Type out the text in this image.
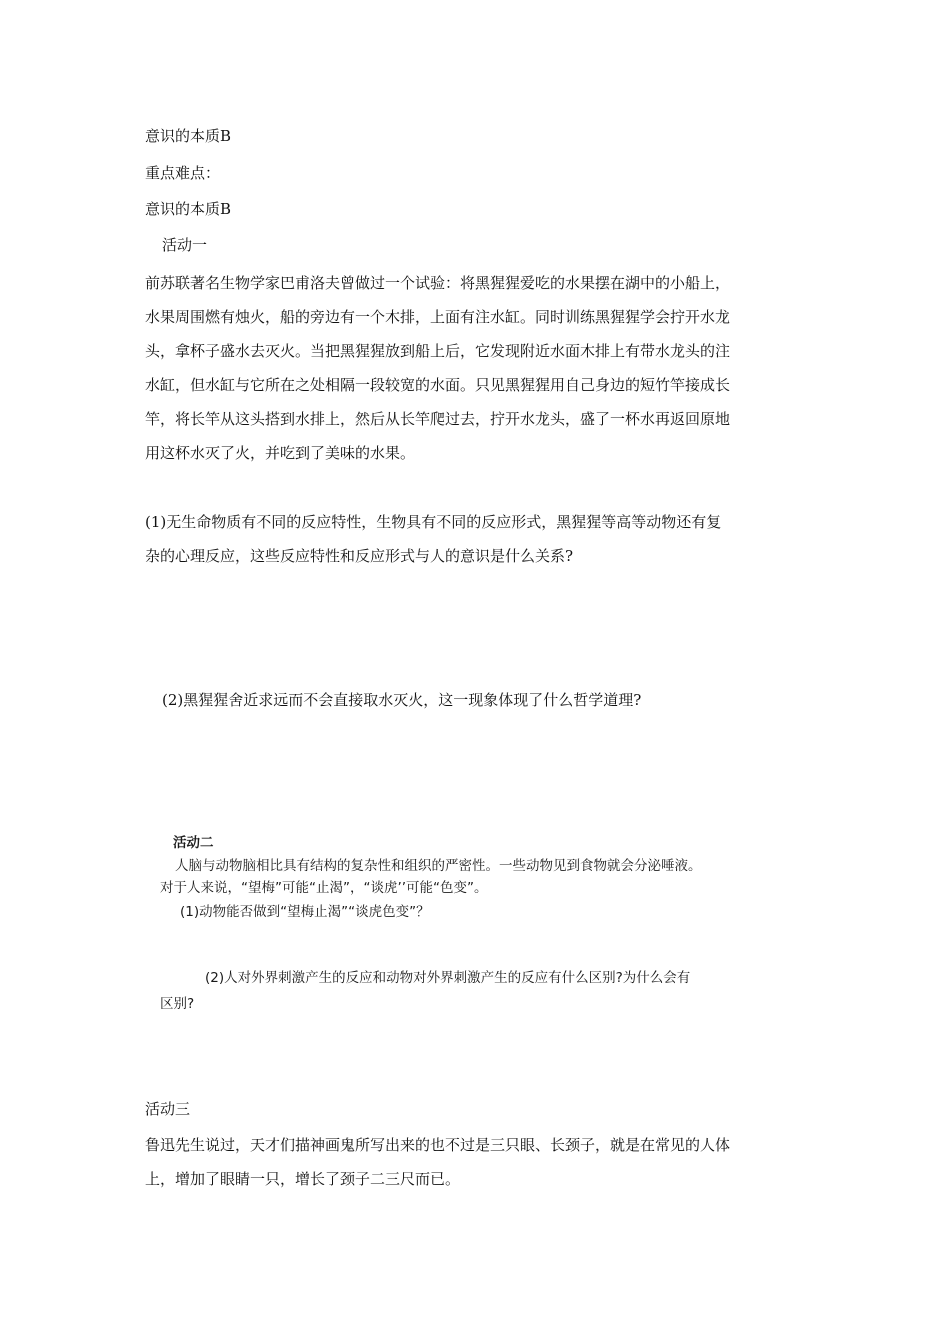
意识的本质B
重点难点：
意识的本质B
活动一
前苏联著名生物学家巴甫洛夫曾做过一个试验：将黑猩猩爱吃的水果摆在湖中的小船上，
水果周围燃有烛火，船的旁边有一个木排，上面有注水缸。同时训练黑猩猩学会拧开水龙
头，拿杯子盛水去灭火。当把黑猩猩放到船上后，它发现附近水面木排上有带水龙头的注
水缸，但水缸与它所在之处相隔一段较宽的水面。只见黑猩猩用自己身边的短竹竿接成长
竿，将长竿从这头搭到水排上，然后从长竿爬过去，拧开水龙头，盛了一杯水再返回原地
用这杯水灭了火，并吃到了美味的水果。
(1)无生命物质有不同的反应特性，生物具有不同的反应形式，黑猩猩等高等动物还有复
杂的心理反应，这些反应特性和反应形式与人的意识是什么关系?
(2)黑猩猩舍近求远而不会直接取水灭火，这一现象体现了什么哲学道理?
活动二
人脑与动物脑相比具有结构的复杂性和组织的严密性。一些动物见到食物就会分泌唾液。
对于人来说，“望梅”可能“止渴”，“谈虎’’可能“色变”。
(1)动物能否做到“望梅止渴”“谈虎色变”？
(2)人对外界刺激产生的反应和动物对外界刺激产生的反应有什么区别?为什么会有
区别?
活动三
鲁迅先生说过，天才们描神画鬼所写出来的也不过是三只眼、长颈子，就是在常见的人体
上，增加了眼睛一只，增长了颈子二三尺而已。
